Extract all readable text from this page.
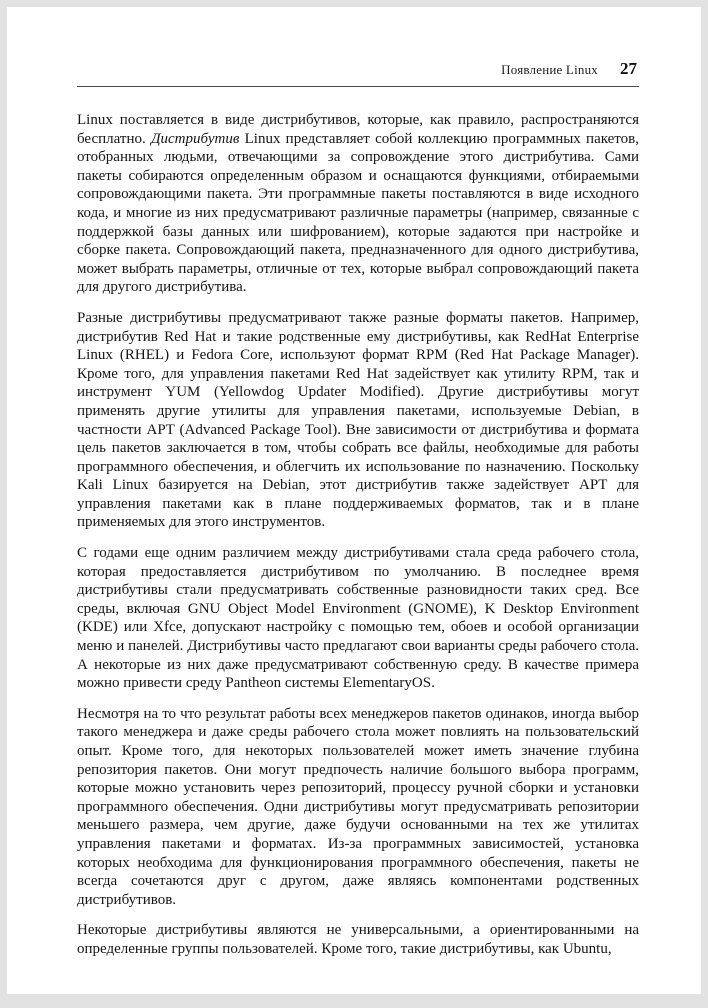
Появление Linux 27

Linux поставляется в виде дистрибутивов, которые, как правило, распространяются бесплатно. Дистрибутив Linux представляет собой коллекцию программных пакетов, отобранных людьми, отвечающими за сопровождение этого дистрибутива. Сами пакеты собираются определенным образом и оснащаются функциями, отбираемыми сопровождающими пакета. Эти программные пакеты поставляются в виде исходного кода, и многие из них предусматривают различные параметры (например, связанные с поддержкой базы данных или шифрованием), которые задаются при настройке и сборке пакета. Сопровождающий пакета, предназначенного для одного дистрибутива, может выбрать параметры, отличные от тех, которые выбрал сопровождающий пакета для другого дистрибутива.

Разные дистрибутивы предусматривают также разные форматы пакетов. Например, дистрибутив Red Hat и такие родственные ему дистрибутивы, как RedHat Enterprise Linux (RHEL) и Fedora Core, используют формат RPM (Red Hat Package Manager). Кроме того, для управления пакетами Red Hat задействует как утилиту RPM, так и инструмент YUM (Yellowdog Updater Modified). Другие дистрибутивы могут применять другие утилиты для управления пакетами, используемые Debian, в частности APT (Advanced Package Tool). Вне зависимости от дистрибутива и формата цель пакетов заключается в том, чтобы собрать все файлы, необходимые для работы программного обеспечения, и облегчить их использование по назначению. Поскольку Kali Linux базируется на Debian, этот дистрибутив также задействует APT для управления пакетами как в плане поддерживаемых форматов, так и в плане применяемых для этого инструментов.

С годами еще одним различием между дистрибутивами стала среда рабочего стола, которая предоставляется дистрибутивом по умолчанию. В последнее время дистрибутивы стали предусматривать собственные разновидности таких сред. Все среды, включая GNU Object Model Environment (GNOME), K Desktop Environment (KDE) или Xfce, допускают настройку с помощью тем, обоев и особой организации меню и панелей. Дистрибутивы часто предлагают свои варианты среды рабочего стола. А некоторые из них даже предусматривают собственную среду. В качестве примера можно привести среду Pantheon системы ElementaryOS.

Несмотря на то что результат работы всех менеджеров пакетов одинаков, иногда выбор такого менеджера и даже среды рабочего стола может повлиять на пользовательский опыт. Кроме того, для некоторых пользователей может иметь значение глубина репозитория пакетов. Они могут предпочесть наличие большого выбора программ, которые можно установить через репозиторий, процессу ручной сборки и установки программного обеспечения. Одни дистрибутивы могут предусматривать репозитории меньшего размера, чем другие, даже будучи основанными на тех же утилитах управления пакетами и форматах. Из-за программных зависимостей, установка которых необходима для функционирования программного обеспечения, пакеты не всегда сочетаются друг с другом, даже являясь компонентами родственных дистрибутивов.

Некоторые дистрибутивы являются не универсальными, а ориентированными на определенные группы пользователей. Кроме того, такие дистрибутивы, как Ubuntu,
